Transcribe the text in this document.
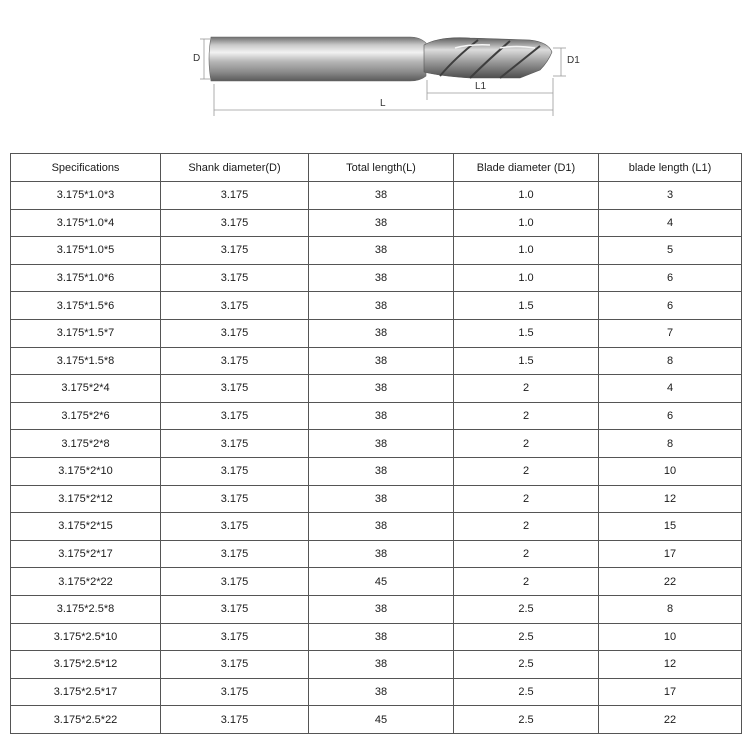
D	D1
L1
L
Specifications	Shank diameter(D)	Total length(L)	Blade diameter (D1)	blade length (L1)
3.175*1.0*3	3.175	38	1.0	3
3.175*1.0*4	3.175	38	1.0	4
3.175*1.0*5	3.175	38	1.0	5
3.175*1.0*6	3.175	38	1.0	6
3.175*1.5*6	3.175	38	1.5	6
3.175*1.5*7	3.175	38	1.5	7
3.175*1.5*8	3.175	38	1.5	8
3.175*2*4	3.175	38	2	4
3.175*2*6	3.175	38	2	6
3.175*2*8	3.175	38	2	8
3.175*2*10	3.175	38	2	10
3.175*2*12	3.175	38	2	12
3.175*2*15	3.175	38	2	15
3.175*2*17	3.175	38	2	17
3.175*2*22	3.175	45	2	22
3.175*2.5*8	3.175	38	2.5	8
3.175*2.5*10	3.175	38	2.5	10
3.175*2.5*12	3.175	38	2.5	12
3.175*2.5*17	3.175	38	2.5	17
3.175*2.5*22	3.175	45	2.5	22
